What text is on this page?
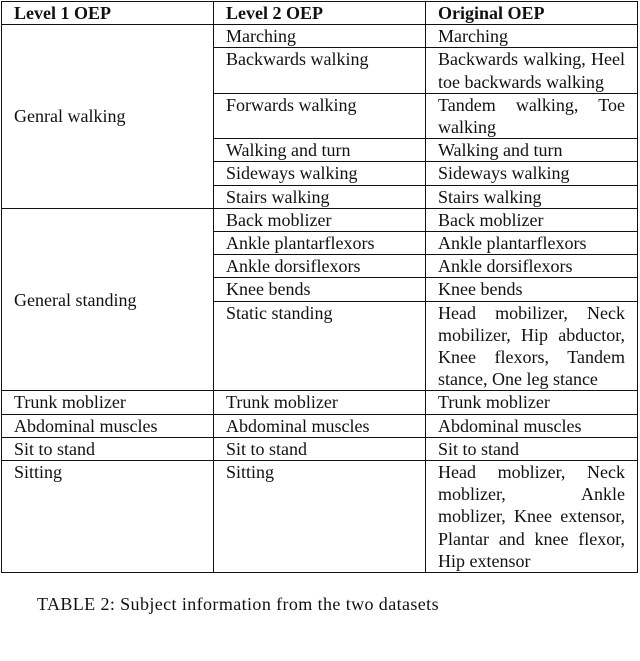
Level 1 OEP	Level 2 OEP	Original OEP
Genral walking	Marching	Marching
	Backwards walking	Backwards walking, Heel toe backwards walking
	Forwards walking	Tandem walking, Toe walking
	Walking and turn	Walking and turn
	Sideways walking	Sideways walking
	Stairs walking	Stairs walking
General standing	Back moblizer	Back moblizer
	Ankle plantarflexors	Ankle plantarflexors
	Ankle dorsiflexors	Ankle dorsiflexors
	Knee bends	Knee bends
	Static standing	Head mobilizer, Neck mobilizer, Hip abductor, Knee flexors, Tandem stance, One leg stance
Trunk moblizer	Trunk moblizer	Trunk moblizer
Abdominal muscles	Abdominal muscles	Abdominal muscles
Sit to stand	Sit to stand	Sit to stand
Sitting	Sitting	Head moblizer, Neck moblizer, Ankle moblizer, Knee extensor, Plantar and knee flexor, Hip extensor
TABLE 2: Subject information from the two datasets
